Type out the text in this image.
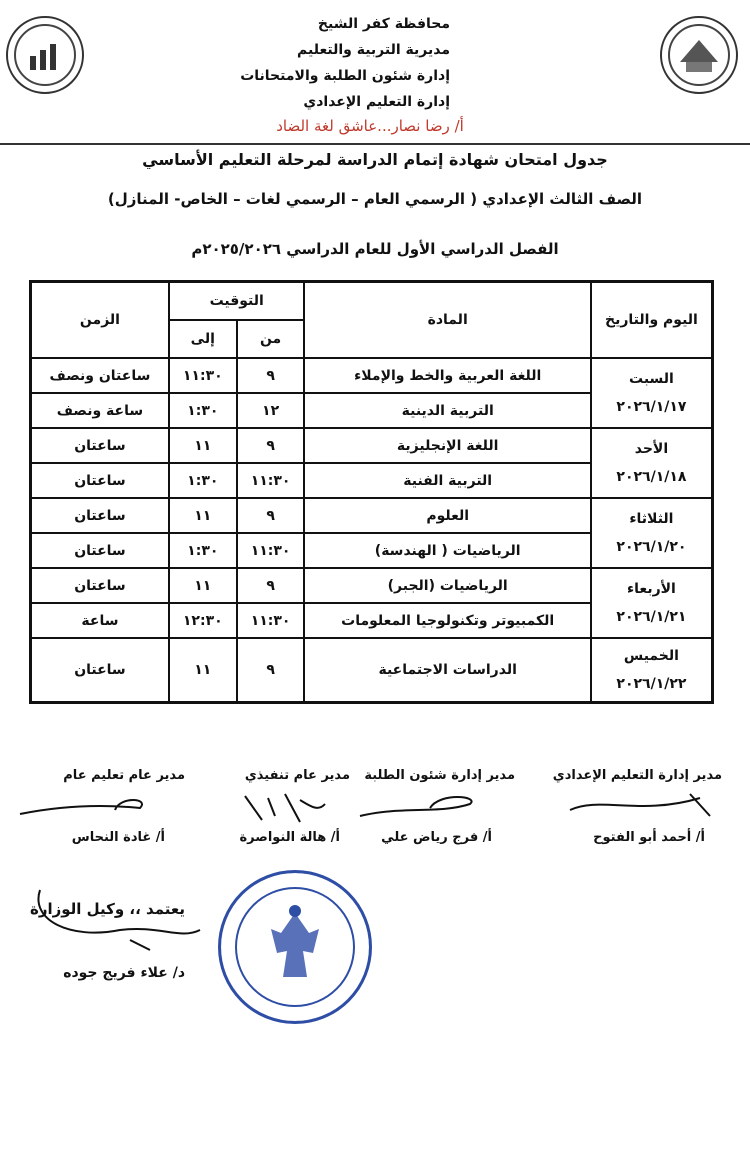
محافظة كفر الشيخ
مديرية التربية والتعليم
إدارة شئون الطلبة والامتحانات
إدارة التعليم الإعدادي
أ/ رضا نصار...عاشق لغة الضاد
جدول امتحان شهادة إتمام الدراسة لمرحلة التعليم الأساسي
الصف الثالث الإعدادي ( الرسمي العام – الرسمي لغات – الخاص- المنازل)
الفصل الدراسي الأول للعام الدراسي ٢٠٢٥/٢٠٢٦م
اليوم والتاريخ	المادة	التوقيت		الزمن
		من	إلى	

السبت
٢٠٢٦/١/١٧	اللغة العربية والخط والإملاء	٩	١١:٣٠	ساعتان ونصف
	التربية الدينية	١٢	١:٣٠	ساعة ونصف

الأحد
٢٠٢٦/١/١٨	اللغة الإنجليزية	٩	١١	ساعتان
	التربية الفنية	١١:٣٠	١:٣٠	ساعتان

الثلاثاء
٢٠٢٦/١/٢٠	العلوم	٩	١١	ساعتان
	الرياضيات ( الهندسة)	١١:٣٠	١:٣٠	ساعتان

الأربعاء
٢٠٢٦/١/٢١	الرياضيات (الجبر)	٩	١١	ساعتان
	الكمبيوتر وتكنولوجيا المعلومات	١١:٣٠	١٢:٣٠	ساعة

الخميس
٢٠٢٦/١/٢٢	الدراسات الاجتماعية	٩	١١	ساعتان
مدير إدارة التعليم الإعدادي
مدير إدارة شئون الطلبة
مدير عام تنفيذي
مدير عام تعليم عام
أ/ أحمد أبو الفتوح
أ/ فرج رياض علي
أ/ هالة النواصرة
أ/ غادة النحاس
يعتمد ،، وكيل الوزارة
د/ علاء فريج جوده
